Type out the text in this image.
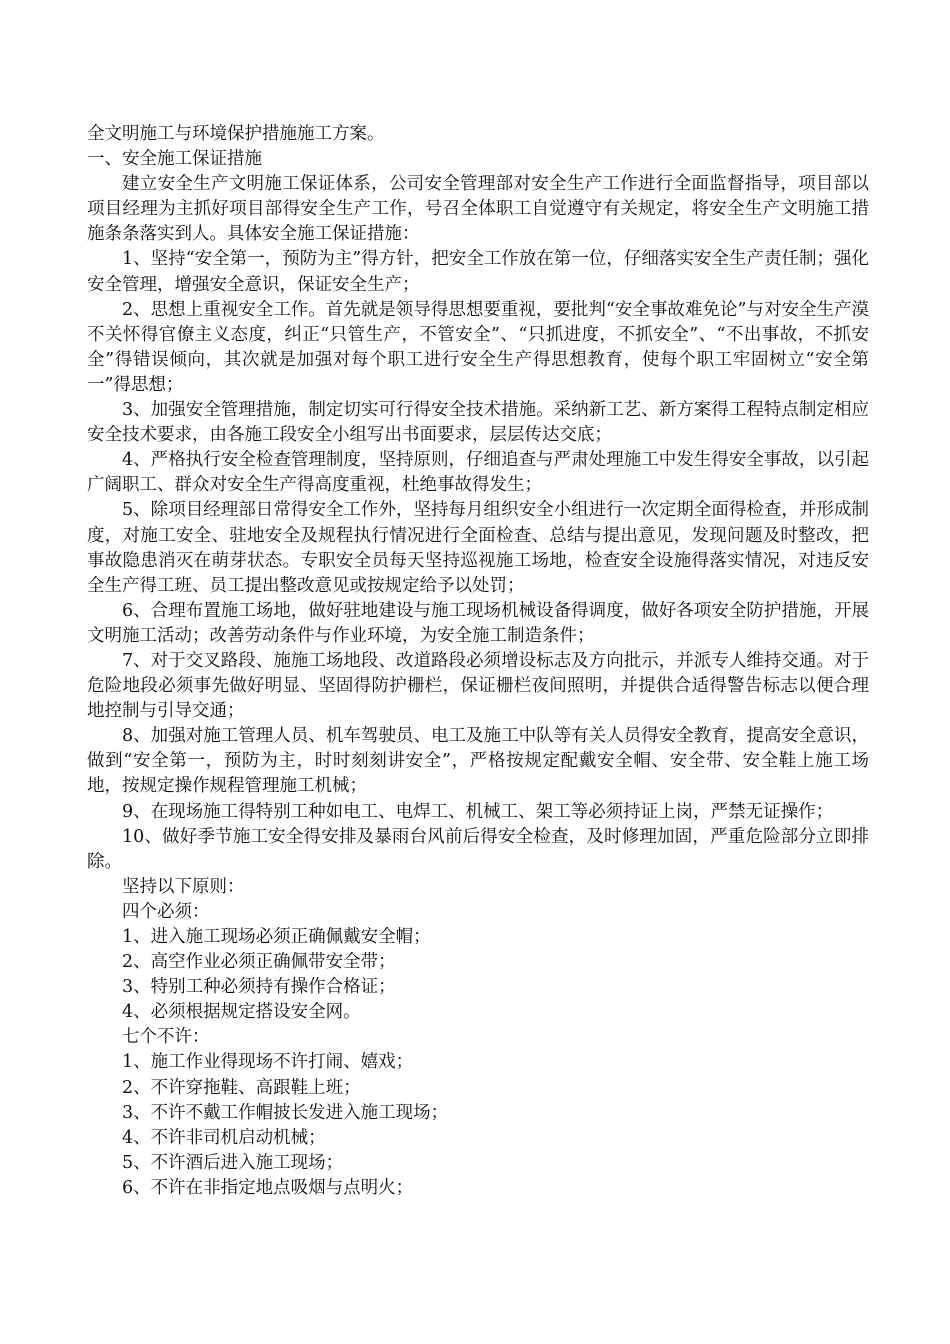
全文明施工与环境保护措施施工方案。

一、安全施工保证措施

建立安全生产文明施工保证体系，公司安全管理部对安全生产工作进行全面监督指导，项目部以项目经理为主抓好项目部得安全生产工作，号召全体职工自觉遵守有关规定，将安全生产文明施工措施条条落实到人。具体安全施工保证措施：

1、坚持“安全第一，预防为主”得方针，把安全工作放在第一位，仔细落实安全生产责任制；强化安全管理，增强安全意识，保证安全生产；

2、思想上重视安全工作。首先就是领导得思想要重视，要批判“安全事故难免论”与对安全生产漠不关怀得官僚主义态度，纠正“只管生产，不管安全”、“只抓进度，不抓安全”、“不出事故，不抓安全”得错误倾向，其次就是加强对每个职工进行安全生产得思想教育，使每个职工牢固树立“安全第一”得思想；

3、加强安全管理措施，制定切实可行得安全技术措施。采纳新工艺、新方案得工程特点制定相应安全技术要求，由各施工段安全小组写出书面要求，层层传达交底；

4、严格执行安全检查管理制度，坚持原则，仔细追查与严肃处理施工中发生得安全事故，以引起广阔职工、群众对安全生产得高度重视，杜绝事故得发生；

5、除项目经理部日常得安全工作外，坚持每月组织安全小组进行一次定期全面得检查，并形成制度，对施工安全、驻地安全及规程执行情况进行全面检查、总结与提出意见，发现问题及时整改，把事故隐患消灭在萌芽状态。专职安全员每天坚持巡视施工场地，检查安全设施得落实情况，对违反安全生产得工班、员工提出整改意见或按规定给予以处罚；

6、合理布置施工场地，做好驻地建设与施工现场机械设备得调度，做好各项安全防护措施，开展文明施工活动；改善劳动条件与作业环境，为安全施工制造条件；

7、对于交叉路段、施施工场地段、改道路段必须增设标志及方向批示，并派专人维持交通。对于危险地段必须事先做好明显、坚固得防护栅栏，保证栅栏夜间照明，并提供合适得警告标志以便合理地控制与引导交通；

8、加强对施工管理人员、机车驾驶员、电工及施工中队等有关人员得安全教育，提高安全意识，做到“安全第一，预防为主，时时刻刻讲安全”，严格按规定配戴安全帽、安全带、安全鞋上施工场地，按规定操作规程管理施工机械；

9、在现场施工得特别工种如电工、电焊工、机械工、架工等必须持证上岗，严禁无证操作；

10、做好季节施工安全得安排及暴雨台风前后得安全检查，及时修理加固，严重危险部分立即排除。

坚持以下原则：

四个必须：

1、进入施工现场必须正确佩戴安全帽；

2、高空作业必须正确佩带安全带；

3、特别工种必须持有操作合格证；

4、必须根据规定搭设安全网。

七个不许：

1、施工作业得现场不许打闹、嬉戏；

2、不许穿拖鞋、高跟鞋上班；

3、不许不戴工作帽披长发进入施工现场；

4、不许非司机启动机械；

5、不许酒后进入施工现场；

6、不许在非指定地点吸烟与点明火；
